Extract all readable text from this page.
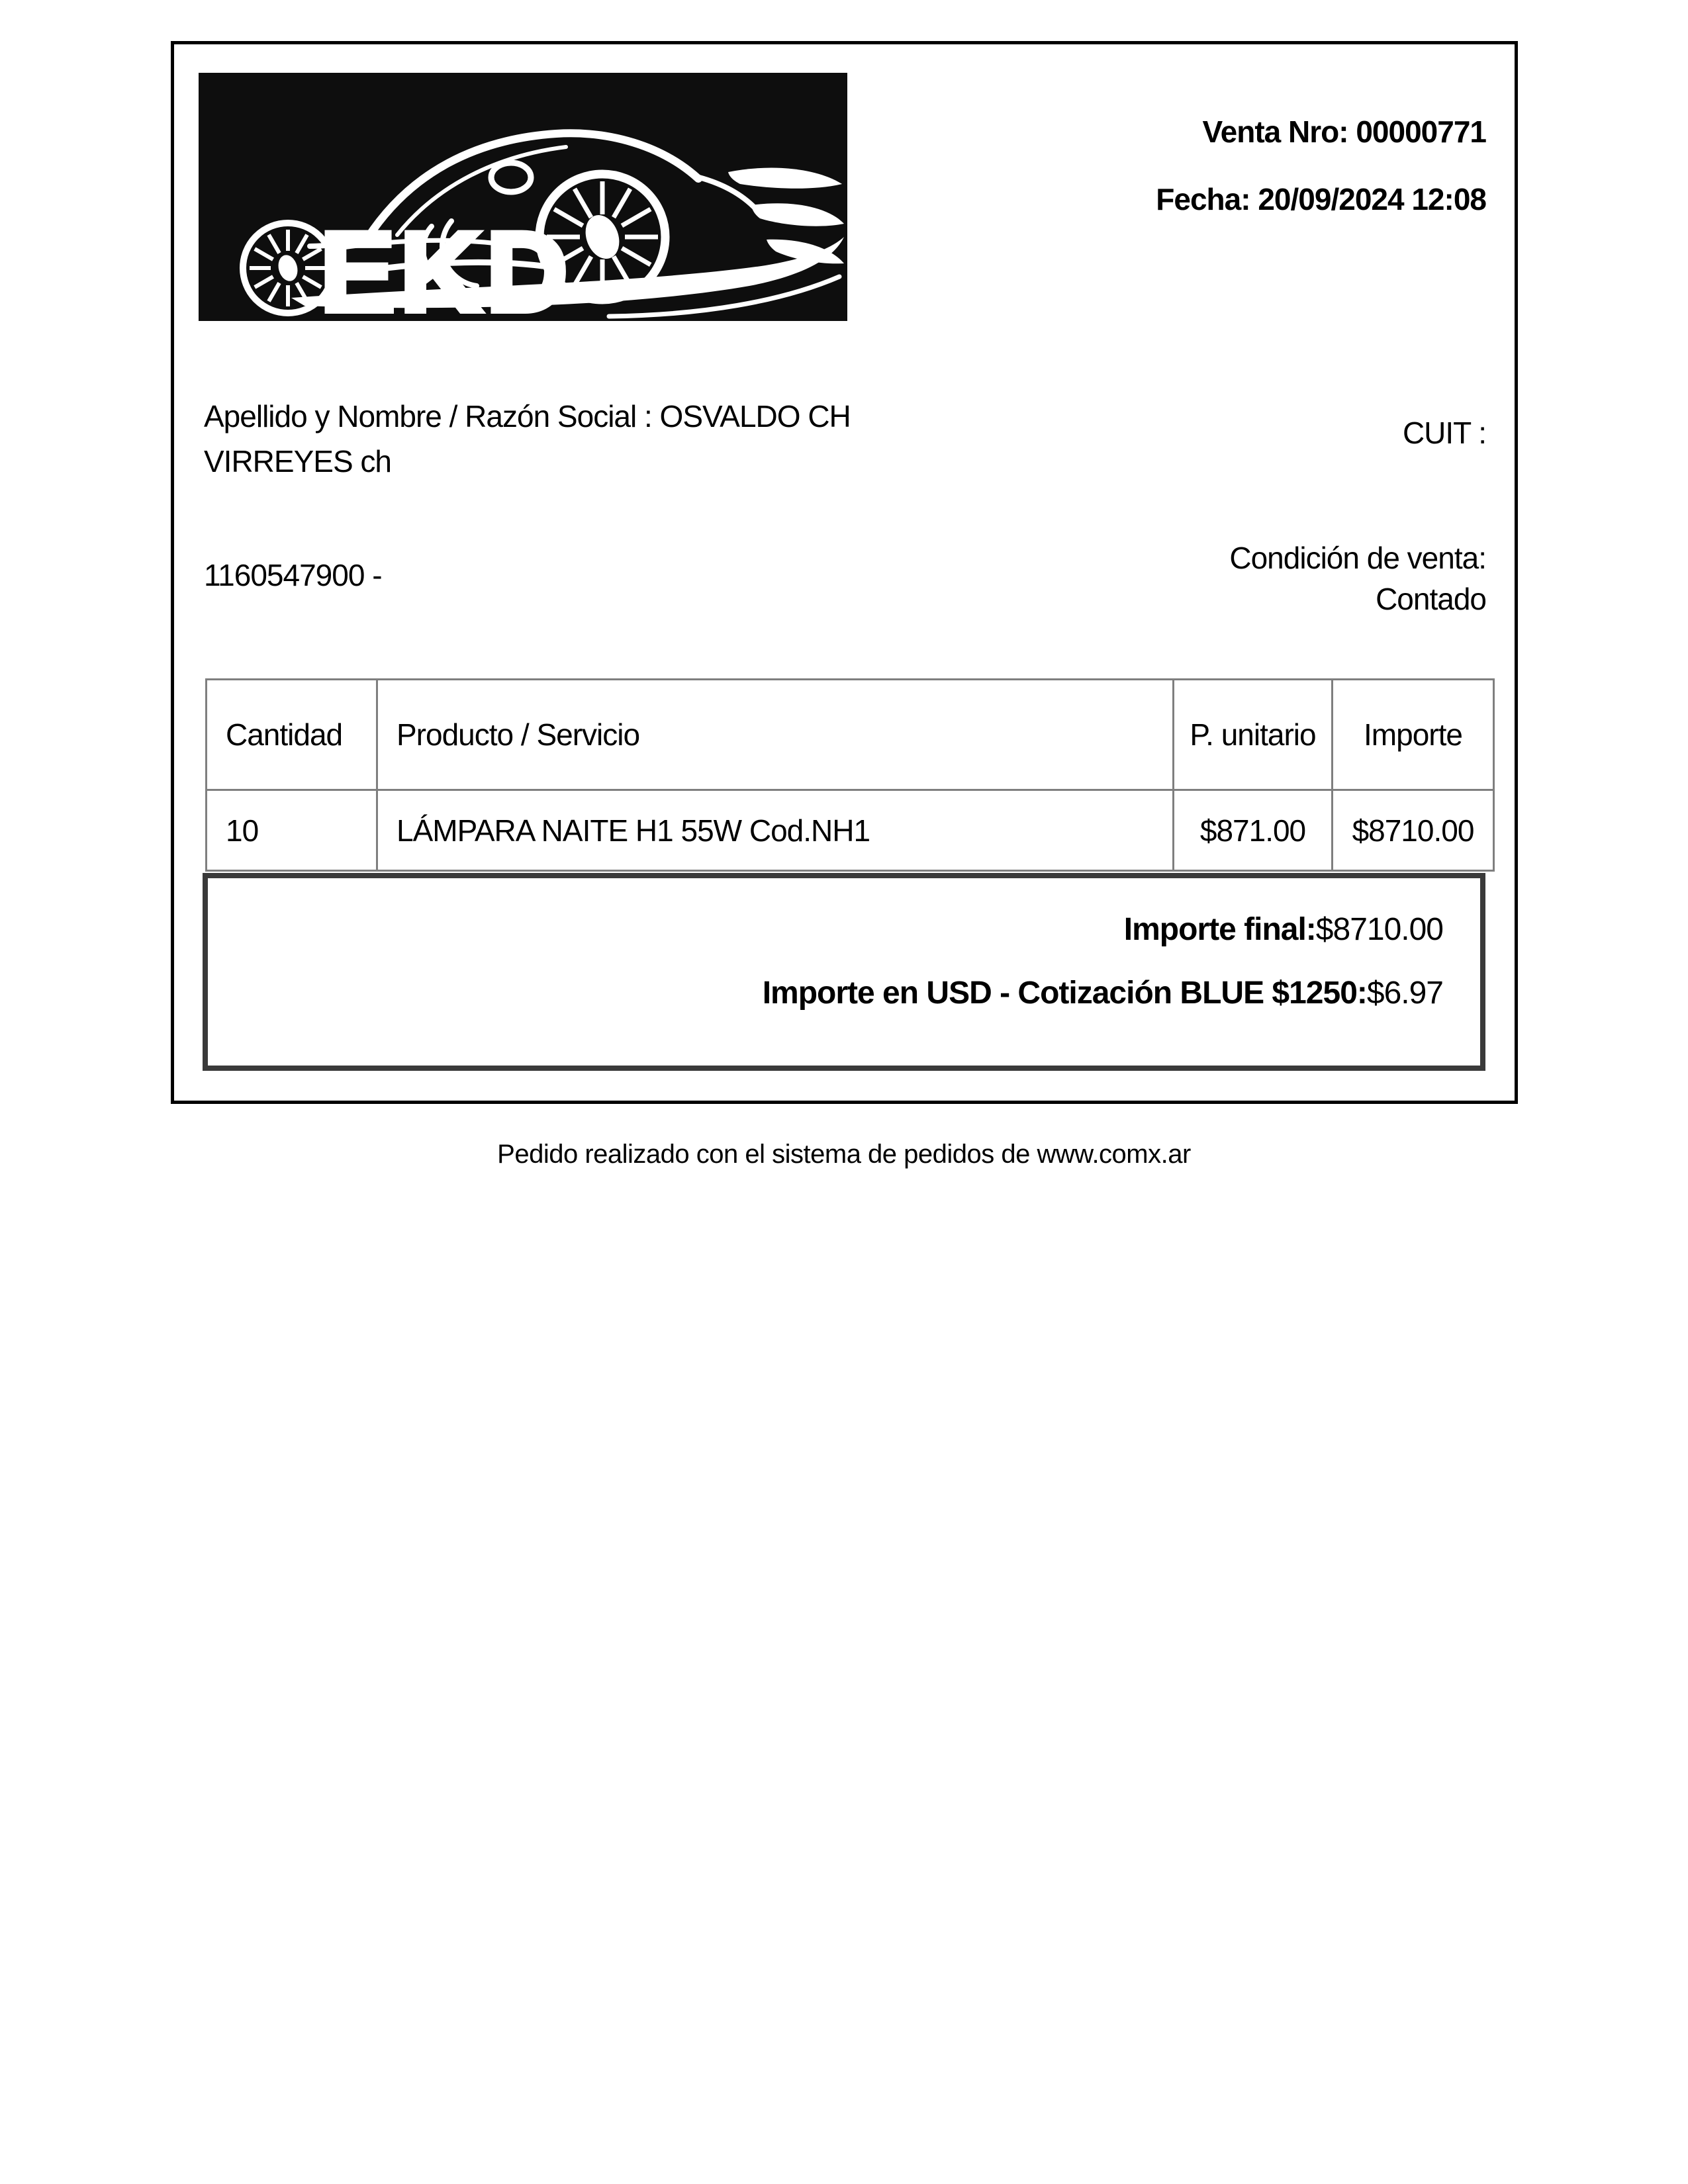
EKD
Venta Nro: 00000771
Fecha: 20/09/2024 12:08
Apellido y Nombre / Razón Social : OSVALDO CH VIRREYES ch
CUIT :
1160547900 -	Condición de venta:
Contado
Cantidad	Producto / Servicio	P. unitario	Importe
10	LÁMPARA NAITE H1 55W Cod.NH1	$871.00	$8710.00
Importe final:$8710.00
Importe en USD - Cotización BLUE $1250:$6.97
Pedido realizado con el sistema de pedidos de www.comx.ar
